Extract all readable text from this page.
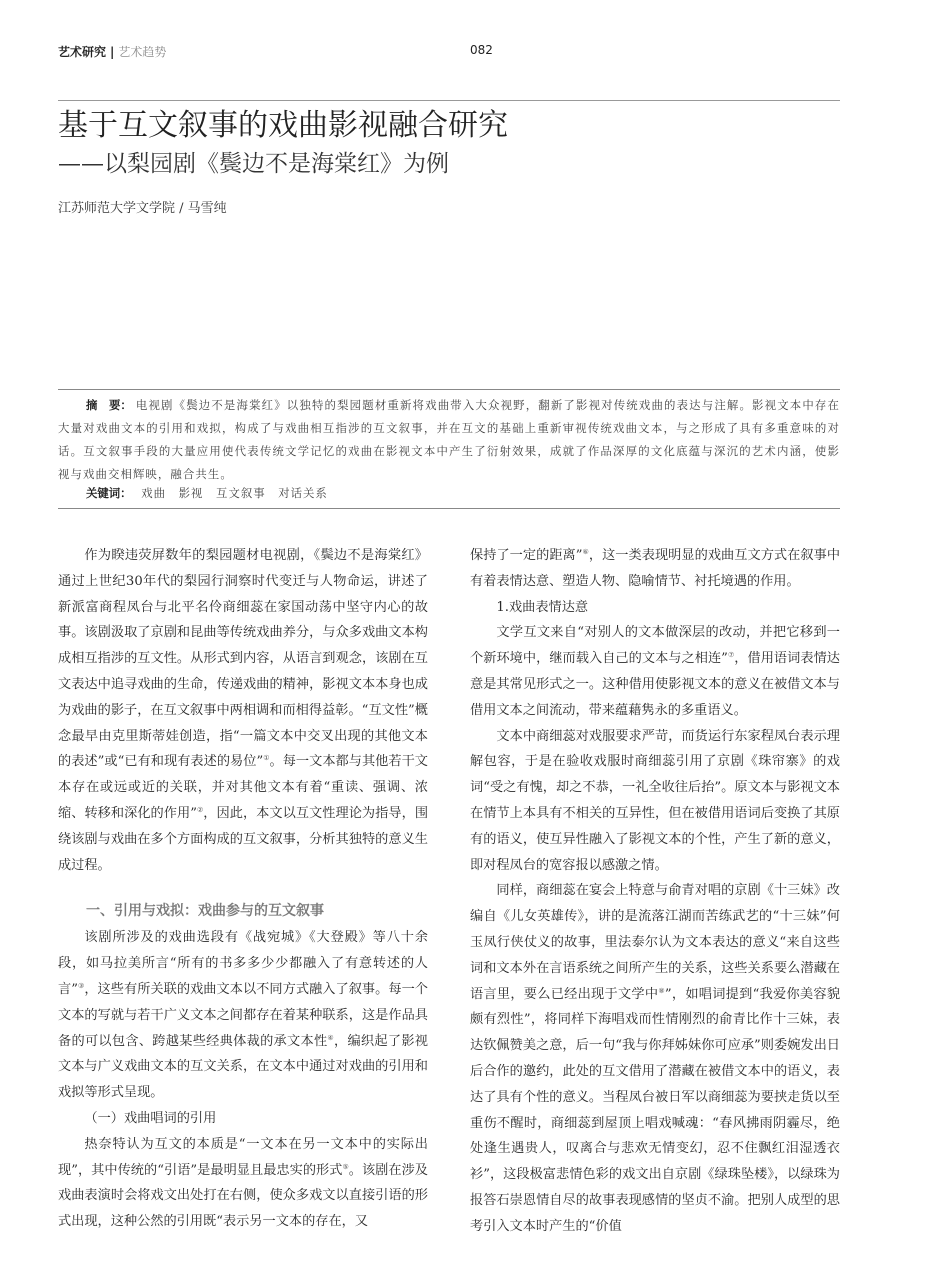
艺术研究 | 艺术趋势	082
基于互文叙事的戏曲影视融合研究
——以梨园剧《鬓边不是海棠红》为例
江苏师范大学文学院 / 马雪纯
摘　要： 电视剧《鬓边不是海棠红》以独特的梨园题材重新将戏曲带入大众视野，翻新了影视对传统戏曲的表达与注解。影视文本中存在大量对戏曲文本的引用和戏拟，构成了与戏曲相互指涉的互文叙事，并在互文的基础上重新审视传统戏曲文本，与之形成了具有多重意味的对话。互文叙事手段的大量应用使代表传统文学记忆的戏曲在影视文本中产生了衍射效果，成就了作品深厚的文化底蕴与深沉的艺术内涵，使影视与戏曲交相辉映，融合共生。
关键词： 戏曲 影视 互文叙事 对话关系

作为睽违荧屏数年的梨园题材电视剧，《鬓边不是海棠红》通过上世纪30年代的梨园行洞察时代变迁与人物命运，讲述了新派富商程凤台与北平名伶商细蕊在家国动荡中坚守内心的故事。该剧汲取了京剧和昆曲等传统戏曲养分，与众多戏曲文本构成相互指涉的互文性。从形式到内容，从语言到观念，该剧在互文表达中追寻戏曲的生命，传递戏曲的精神，影视文本本身也成为戏曲的影子，在互文叙事中两相调和而相得益彰。“互文性”概念最早由克里斯蒂娃创造，指“一篇文本中交叉出现的其他文本的表述”或“已有和现有表述的易位”①。每一文本都与其他若干文本存在或远或近的关联，并对其他文本有着“重读、强调、浓缩、转移和深化的作用”②，因此，本文以互文性理论为指导，围绕该剧与戏曲在多个方面构成的互文叙事，分析其独特的意义生成过程。

一、引用与戏拟：戏曲参与的互文叙事

该剧所涉及的戏曲选段有《战宛城》《大登殿》等八十余段，如马拉美所言“所有的书多多少少都融入了有意转述的人言”③，这些有所关联的戏曲文本以不同方式融入了叙事。每一个文本的写就与若干广义文本之间都存在着某种联系，这是作品具备的可以包含、跨越某些经典体裁的承文本性④，编织起了影视文本与广义戏曲文本的互文关系，在文本中通过对戏曲的引用和戏拟等形式呈现。

（一）戏曲唱词的引用

热奈特认为互文的本质是“一文本在另一文本中的实际出现”，其中传统的“引语”是最明显且最忠实的形式⑤。该剧在涉及戏曲表演时会将戏文出处打在右侧，使众多戏文以直接引语的形式出现，这种公然的引用既“表示另一文本的存在，又

保持了一定的距离”⑥，这一类表现明显的戏曲互文方式在叙事中有着表情达意、塑造人物、隐喻情节、衬托境遇的作用。

1.戏曲表情达意

文学互文来自“对别人的文本做深层的改动，并把它移到一个新环境中，继而载入自己的文本与之相连”⑦，借用语词表情达意是其常见形式之一。这种借用使影视文本的意义在被借文本与借用文本之间流动，带来蕴藉隽永的多重语义。

文本中商细蕊对戏服要求严苛，而货运行东家程凤台表示理解包容，于是在验收戏服时商细蕊引用了京剧《珠帘寨》的戏词“受之有愧，却之不恭，一礼全收往后抬”。原文本与影视文本在情节上本具有不相关的互异性，但在被借用语词后变换了其原有的语义，使互异性融入了影视文本的个性，产生了新的意义，即对程凤台的宽容报以感激之情。

同样，商细蕊在宴会上特意与俞青对唱的京剧《十三妹》改编自《儿女英雄传》，讲的是流落江湖而苦练武艺的“十三妹”何玉凤行侠仗义的故事，里法泰尔认为文本表达的意义“来自这些词和文本外在言语系统之间所产生的关系，这些关系要么潜藏在语言里，要么已经出现于文学中⑧”，如唱词提到“我爱你美容貌颇有烈性”，将同样下海唱戏而性情刚烈的俞青比作十三妹，表达钦佩赞美之意，后一句“我与你拜姊妹你可应承”则委婉发出日后合作的邀约，此处的互文借用了潜藏在被借文本中的语义，表达了具有个性的意义。当程凤台被日军以商细蕊为要挟走货以至重伤不醒时，商细蕊到屋顶上唱戏喊魂：“春风拂雨阴霾尽，绝处逢生遇贵人，叹离合与悲欢无情变幻，忍不住飘红泪湿透衣衫”，这段极富悲情色彩的戏文出自京剧《绿珠坠楼》，以绿珠为报答石崇恩情自尽的故事表现感情的坚贞不渝。把别人成型的思考引入文本时产生的“价值
